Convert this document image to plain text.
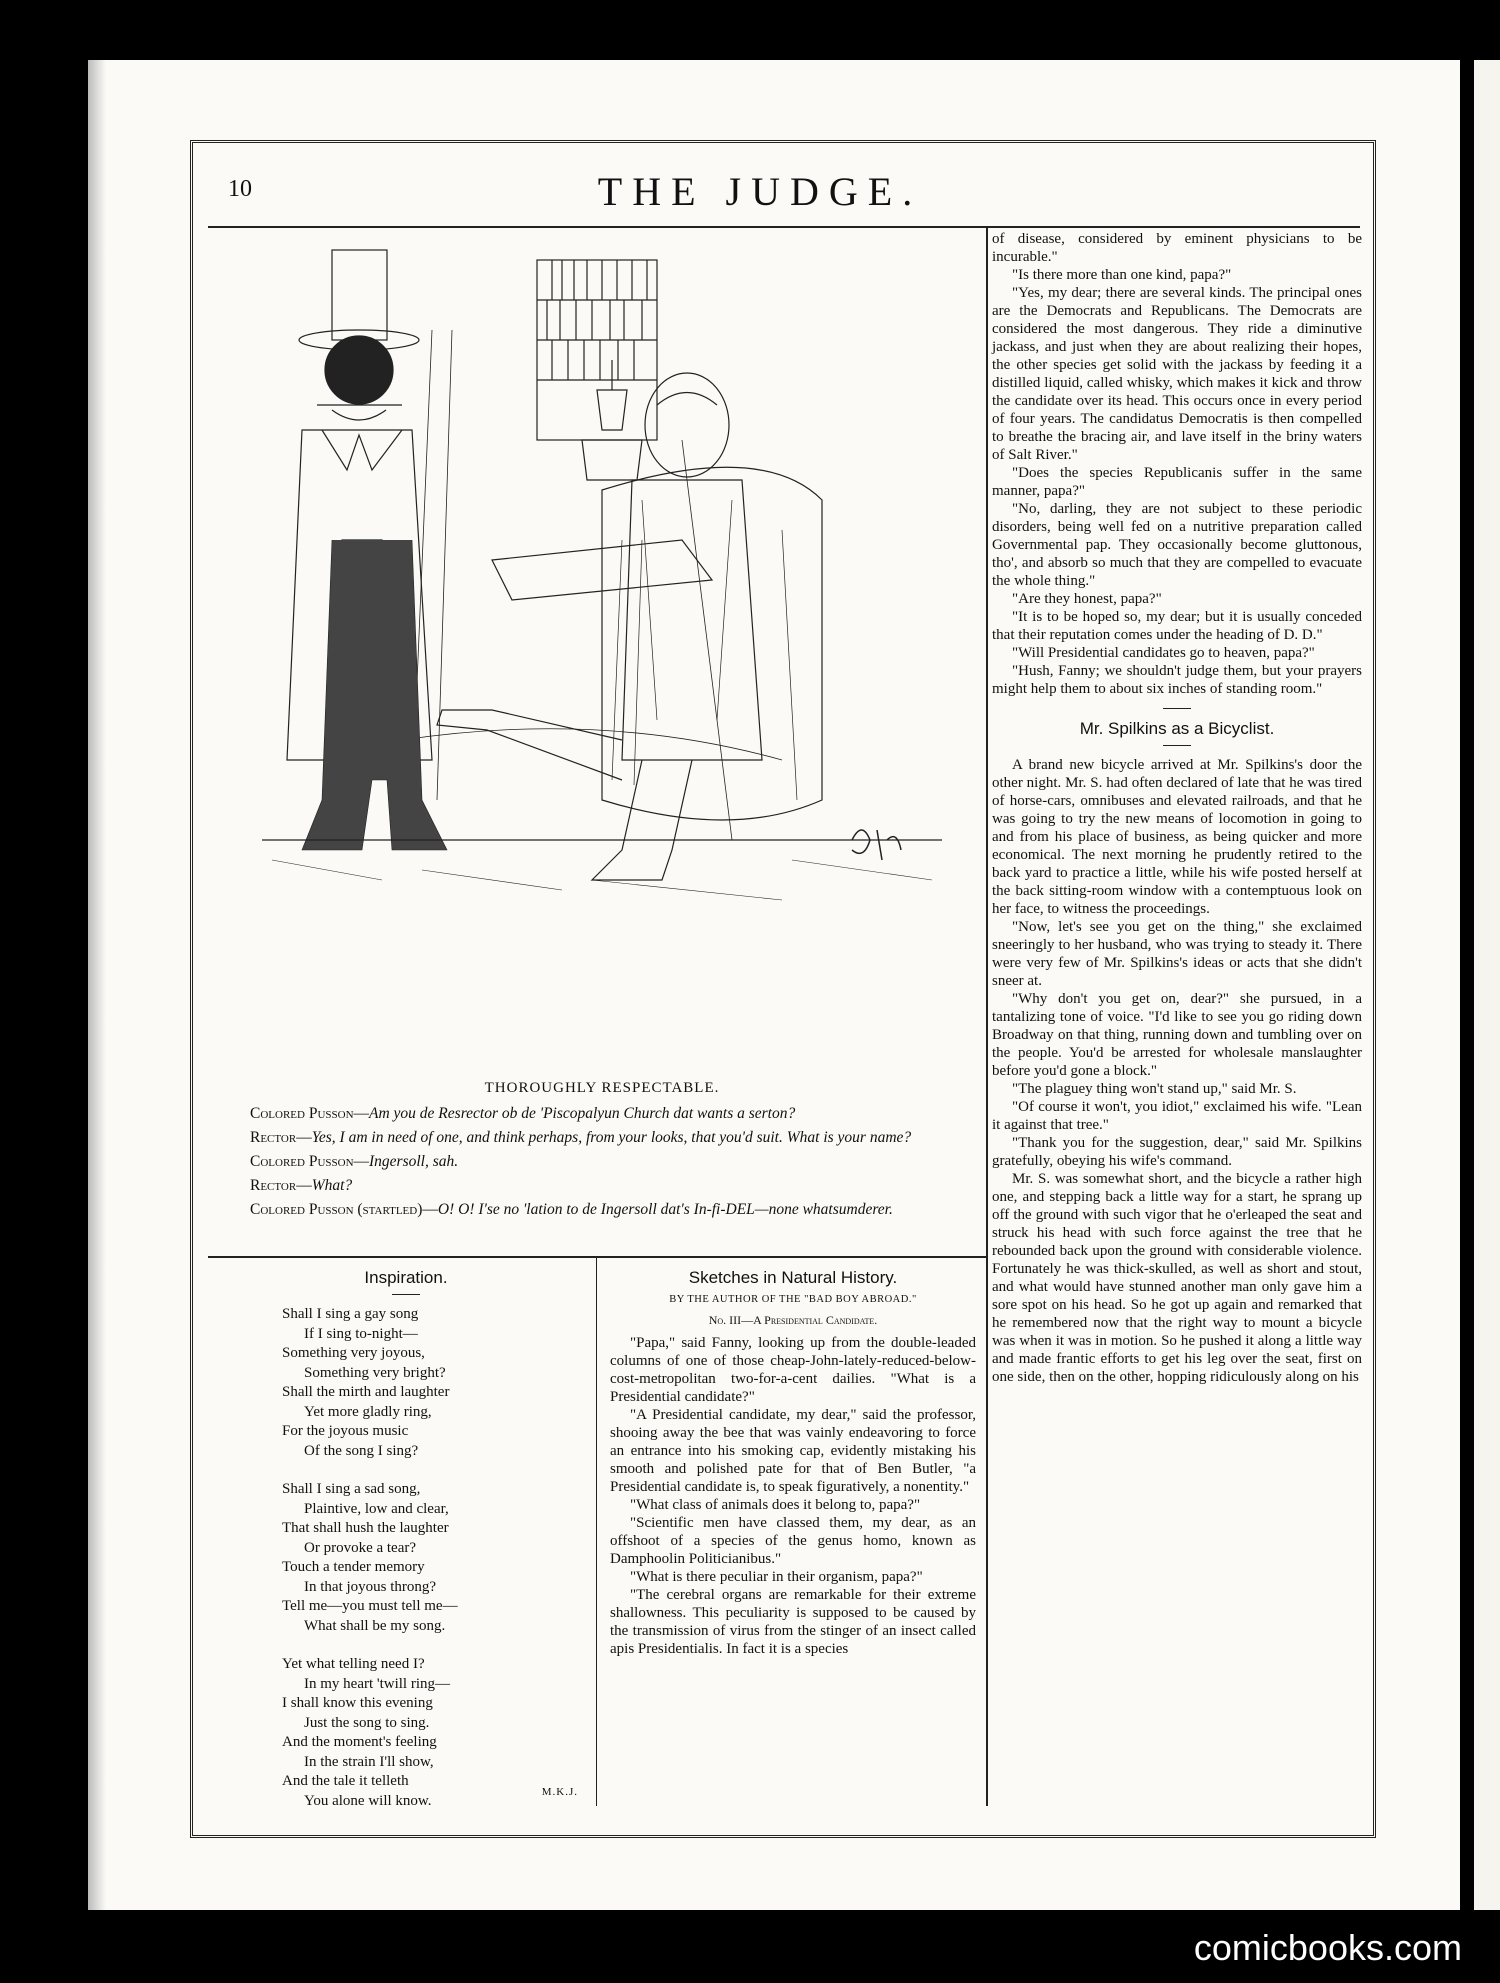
10	THE JUDGE.
THOROUGHLY RESPECTABLE.

Colored Pusson—Am you de Resrector ob de 'Piscopalyun Church dat wants a serton?

Rector—Yes, I am in need of one, and think perhaps, from your looks, that you'd suit. What is your name?

Colored Pusson—Ingersoll, sah.

Rector—What?

Colored Pusson (startled)—O! O! I'se no 'lation to de Ingersoll dat's In-fi-DEL—none whatsumderer.

Inspiration.
Shall I sing a gay song
If I sing to-night—
Something very joyous,
Something very bright?
Shall the mirth and laughter
Yet more gladly ring,
For the joyous music
Of the song I sing?
Shall I sing a sad song,
Plaintive, low and clear,
That shall hush the laughter
Or provoke a tear?
Touch a tender memory
In that joyous throng?
Tell me—you must tell me—
What shall be my song.
Yet what telling need I?
In my heart 'twill ring—
I shall know this evening
Just the song to sing.
And the moment's feeling
In the strain I'll show,
And the tale it telleth
You alone will know.
M.K.J.
Sketches in Natural History.
BY THE AUTHOR OF THE "BAD BOY ABROAD."
No. III—A Presidential Candidate.

"Papa," said Fanny, looking up from the double-leaded columns of one of those cheap-John-lately-reduced-below-cost-metropolitan two-for-a-cent dailies. "What is a Presidential candidate?"

"A Presidential candidate, my dear," said the professor, shooing away the bee that was vainly endeavoring to force an entrance into his smoking cap, evidently mistaking his smooth and polished pate for that of Ben Butler, "a Presidential candidate is, to speak figuratively, a nonentity."

"What class of animals does it belong to, papa?"

"Scientific men have classed them, my dear, as an offshoot of a species of the genus homo, known as Damphoolin Politicianibus."

"What is there peculiar in their organism, papa?"

"The cerebral organs are remarkable for their extreme shallowness. This peculiarity is supposed to be caused by the transmission of virus from the stinger of an insect called apis Presidentialis. In fact it is a species

of disease, considered by eminent physicians to be incurable."

"Is there more than one kind, papa?"

"Yes, my dear; there are several kinds. The principal ones are the Democrats and Republicans. The Democrats are considered the most dangerous. They ride a diminutive jackass, and just when they are about realizing their hopes, the other species get solid with the jackass by feeding it a distilled liquid, called whisky, which makes it kick and throw the candidate over its head. This occurs once in every period of four years. The candidatus Democratis is then compelled to breathe the bracing air, and lave itself in the briny waters of Salt River."

"Does the species Republicanis suffer in the same manner, papa?"

"No, darling, they are not subject to these periodic disorders, being well fed on a nutritive preparation called Governmental pap. They occasionally become gluttonous, tho', and absorb so much that they are compelled to evacuate the whole thing."

"Are they honest, papa?"

"It is to be hoped so, my dear; but it is usually conceded that their reputation comes under the heading of D. D."

"Will Presidential candidates go to heaven, papa?"

"Hush, Fanny; we shouldn't judge them, but your prayers might help them to about six inches of standing room."

Mr. Spilkins as a Bicyclist.

A brand new bicycle arrived at Mr. Spilkins's door the other night. Mr. S. had often declared of late that he was tired of horse-cars, omnibuses and elevated railroads, and that he was going to try the new means of locomotion in going to and from his place of business, as being quicker and more economical. The next morning he prudently retired to the back yard to practice a little, while his wife posted herself at the back sitting-room window with a contemptuous look on her face, to witness the proceedings.

"Now, let's see you get on the thing," she exclaimed sneeringly to her husband, who was trying to steady it. There were very few of Mr. Spilkins's ideas or acts that she didn't sneer at.

"Why don't you get on, dear?" she pursued, in a tantalizing tone of voice. "I'd like to see you go riding down Broadway on that thing, running down and tumbling over on the people. You'd be arrested for wholesale manslaughter before you'd gone a block."

"The plaguey thing won't stand up," said Mr. S.

"Of course it won't, you idiot," exclaimed his wife. "Lean it against that tree."

"Thank you for the suggestion, dear," said Mr. Spilkins gratefully, obeying his wife's command.

Mr. S. was somewhat short, and the bicycle a rather high one, and stepping back a little way for a start, he sprang up off the ground with such vigor that he o'erleaped the seat and struck his head with such force against the tree that he rebounded back upon the ground with considerable violence. Fortunately he was thick-skulled, as well as short and stout, and what would have stunned another man only gave him a sore spot on his head. So he got up again and remarked that he remembered now that the right way to mount a bicycle was when it was in motion. So he pushed it along a little way and made frantic efforts to get his leg over the seat, first on one side, then on the other, hopping ridiculously along on his

comicbooks.com
